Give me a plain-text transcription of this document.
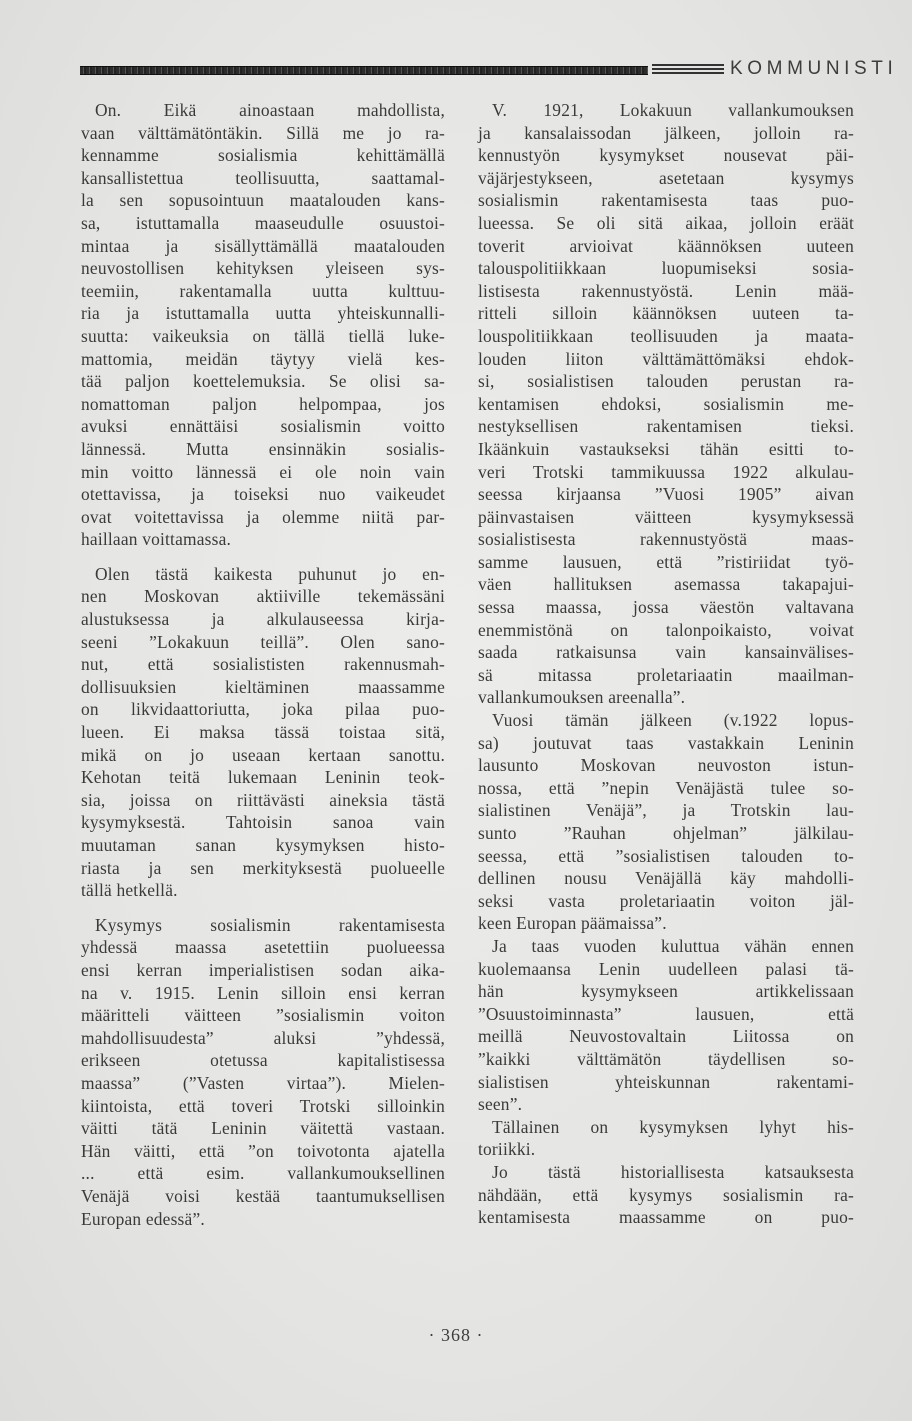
KOMMUNISTI
On. Eikä ainoastaan mahdollista,
vaan välttämätöntäkin. Sillä me jo ra-
kennamme sosialismia kehittämällä
kansallistettua teollisuutta, saattamal-
la sen sopusointuun maatalouden kans-
sa, istuttamalla maaseudulle osuustoi-
mintaa ja sisällyttämällä maatalouden
neuvostollisen kehityksen yleiseen sys-
teemiin, rakentamalla uutta kulttuu-
ria ja istuttamalla uutta yhteiskunnalli-
suutta: vaikeuksia on tällä tiellä luke-
mattomia, meidän täytyy vielä kes-
tää paljon koettelemuksia. Se olisi sa-
nomattoman paljon helpompaa, jos
avuksi ennättäisi sosialismin voitto
lännessä. Mutta ensinnäkin sosialis-
min voitto lännessä ei ole noin vain
otettavissa, ja toiseksi nuo vaikeudet
ovat voitettavissa ja olemme niitä par-
haillaan voittamassa.
Olen tästä kaikesta puhunut jo en-
nen Moskovan aktiiville tekemässäni
alustuksessa ja alkulauseessa kirja-
seeni ”Lokakuun teillä”. Olen sano-
nut, että sosialististen rakennusmah-
dollisuuksien kieltäminen maassamme
on likvidaattoriutta, joka pilaa puo-
lueen. Ei maksa tässä toistaa sitä,
mikä on jo useaan kertaan sanottu.
Kehotan teitä lukemaan Leninin teok-
sia, joissa on riittävästi aineksia tästä
kysymyksestä. Tahtoisin sanoa vain
muutaman sanan kysymyksen histo-
riasta ja sen merkityksestä puolueelle
tällä hetkellä.
Kysymys sosialismin rakentamisesta
yhdessä maassa asetettiin puolueessa
ensi kerran imperialistisen sodan aika-
na v. 1915. Lenin silloin ensi kerran
määritteli väitteen ”sosialismin voiton
mahdollisuudesta” aluksi ”yhdessä,
erikseen otetussa kapitalistisessa
maassa” (”Vasten virtaa”). Mielen-
kiintoista, että toveri Trotski silloinkin
väitti tätä Leninin väitettä vastaan.
Hän väitti, että ”on toivotonta ajatella
... että esim. vallankumouksellinen
Venäjä voisi kestää taantumuksellisen
Europan edessä”.
V. 1921, Lokakuun vallankumouksen
ja kansalaissodan jälkeen, jolloin ra-
kennustyön kysymykset nousevat päi-
väjärjestykseen, asetetaan kysymys
sosialismin rakentamisesta taas puo-
lueessa. Se oli sitä aikaa, jolloin eräät
toverit arvioivat käännöksen uuteen
talouspolitiikkaan luopumiseksi sosia-
listisesta rakennustyöstä. Lenin mää-
ritteli silloin käännöksen uuteen ta-
louspolitiikkaan teollisuuden ja maata-
louden liiton välttämättömäksi ehdok-
si, sosialistisen talouden perustan ra-
kentamisen ehdoksi, sosialismin me-
nestyksellisen rakentamisen tieksi.
Ikäänkuin vastaukseksi tähän esitti to-
veri Trotski tammikuussa 1922 alkulau-
seessa kirjaansa ”Vuosi 1905” aivan
päinvastaisen väitteen kysymyksessä
sosialistisesta rakennustyöstä maas-
samme lausuen, että ”ristiriidat työ-
väen hallituksen asemassa takapajui-
sessa maassa, jossa väestön valtavana
enemmistönä on talonpoikaisto, voivat
saada ratkaisunsa vain kansainvälises-
sä mitassa proletariaatin maailman-
vallankumouksen areenalla”.
Vuosi tämän jälkeen (v.1922 lopus-
sa) joutuvat taas vastakkain Leninin
lausunto Moskovan neuvoston istun-
nossa, että ”nepin Venäjästä tulee so-
sialistinen Venäjä”, ja Trotskin lau-
sunto ”Rauhan ohjelman” jälkilau-
seessa, että ”sosialistisen talouden to-
dellinen nousu Venäjällä käy mahdolli-
seksi vasta proletariaatin voiton jäl-
keen Europan päämaissa”.
Ja taas vuoden kuluttua vähän ennen
kuolemaansa Lenin uudelleen palasi tä-
hän kysymykseen artikkelissaan
”Osuustoiminnasta” lausuen, että
meillä Neuvostovaltain Liitossa on
”kaikki välttämätön täydellisen so-
sialistisen yhteiskunnan rakentami-
seen”.
Tällainen on kysymyksen lyhyt his-
toriikki.
Jo tästä historiallisesta katsauksesta
nähdään, että kysymys sosialismin ra-
kentamisesta maassamme on puo-
· 368 ·
